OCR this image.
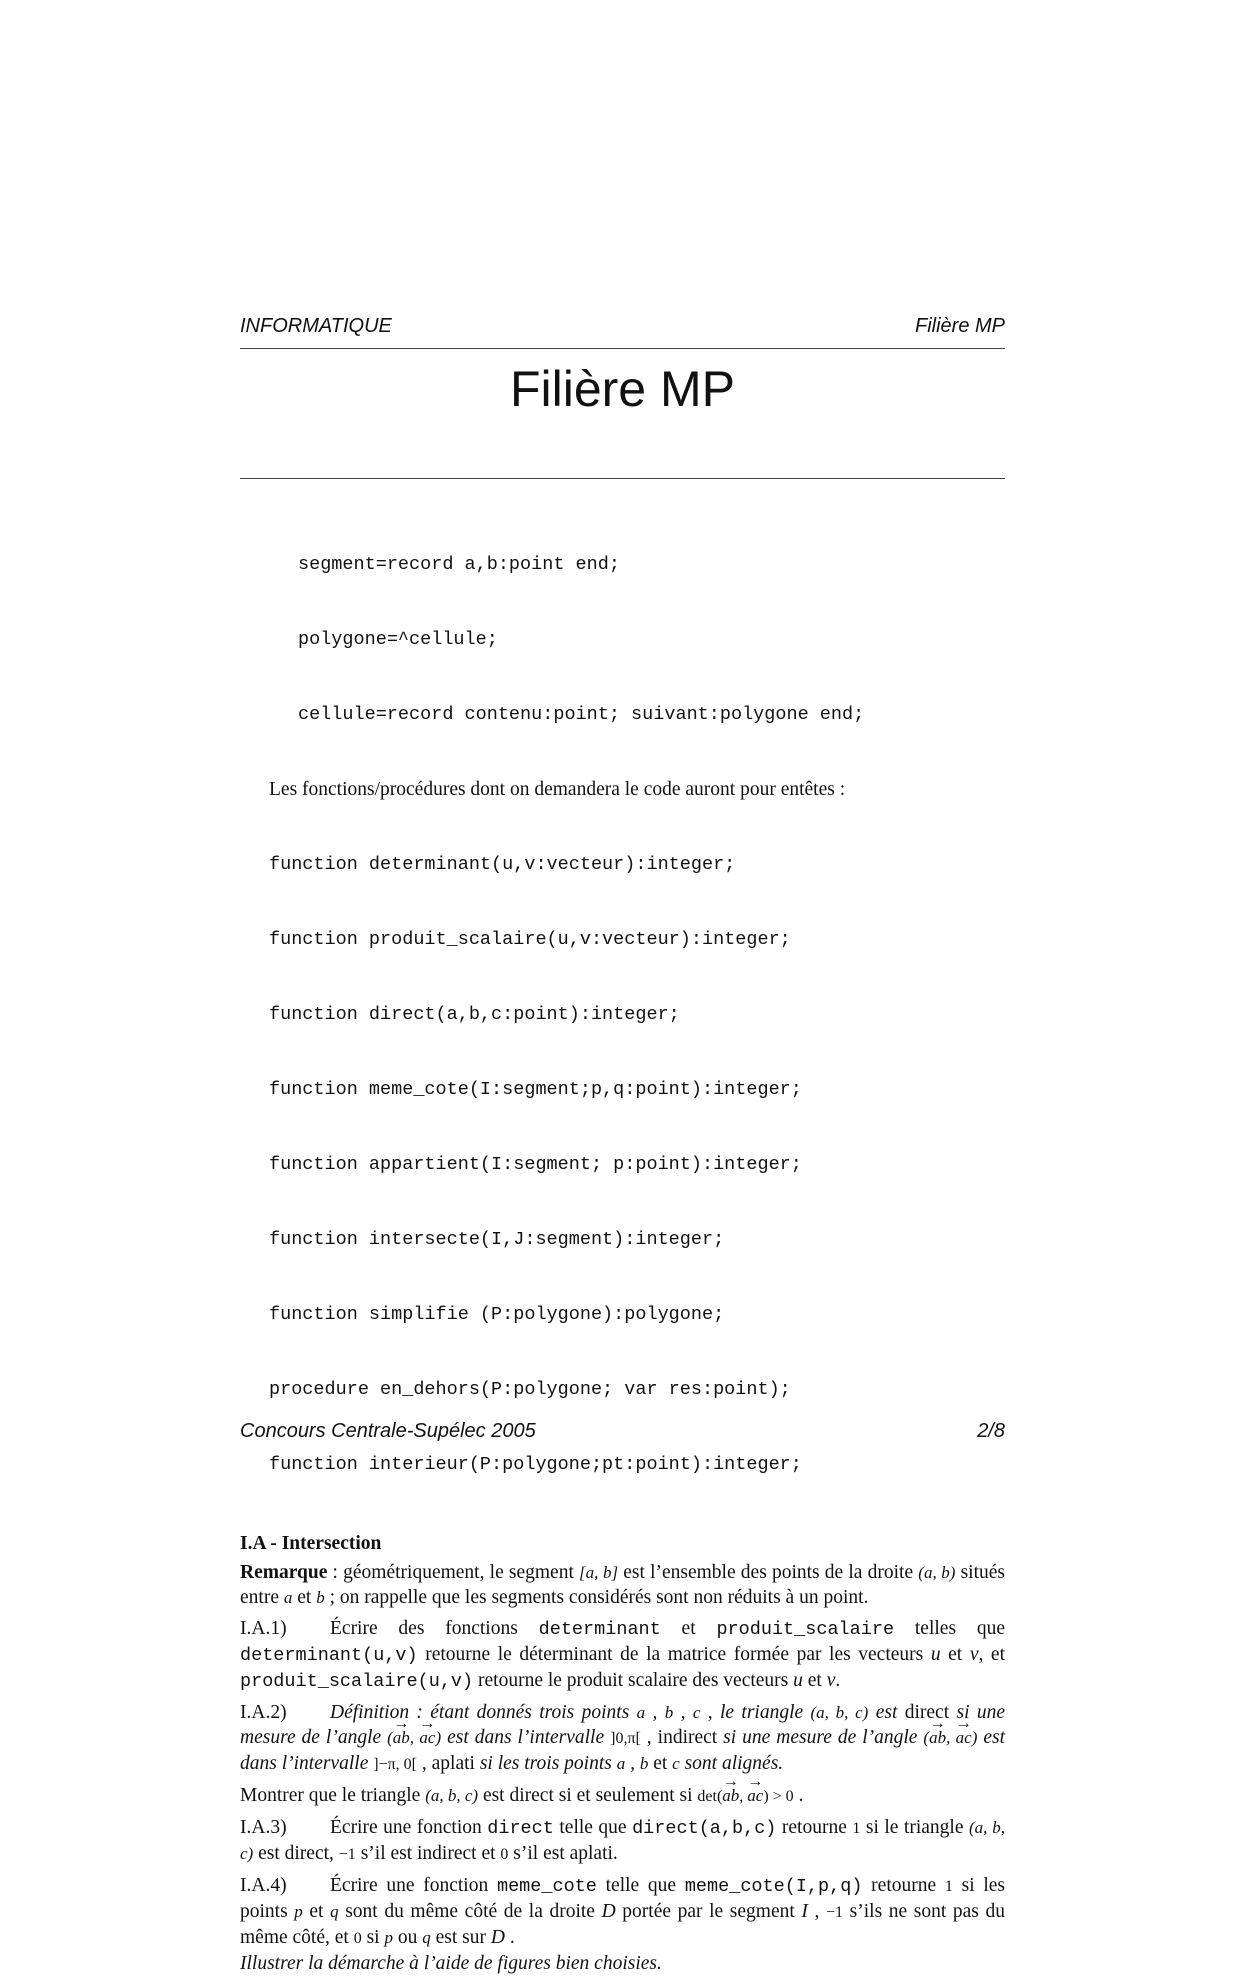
INFORMATIQUE	Filière MP
Filière MP

segment=record a,b:point end;

polygone=^cellule;

cellule=record contenu:point; suivant:polygone end;

Les fonctions/procédures dont on demandera le code auront pour entêtes :

function determinant(u,v:vecteur):integer;

function produit_scalaire(u,v:vecteur):integer;

function direct(a,b,c:point):integer;

function meme_cote(I:segment;p,q:point):integer;

function appartient(I:segment; p:point):integer;

function intersecte(I,J:segment):integer;

function simplifie (P:polygone):polygone;

procedure en_dehors(P:polygone; var res:point);

function interieur(P:polygone;pt:point):integer;

I.A - Intersection

Remarque : géométriquement, le segment [a, b] est l’ensemble des points de la droite (a, b) situés entre a et b ; on rappelle que les segments considérés sont non réduits à un point.

I.A.1) Écrire des fonctions determinant et produit_scalaire telles que determinant(u,v) retourne le déterminant de la matrice formée par les vecteurs u et v, et produit_scalaire(u,v) retourne le produit scalaire des vecteurs u et v.

I.A.2) Définition : étant donnés trois points a , b , c , le triangle (a, b, c) est direct si une mesure de l’angle (→ ab, → ac) est dans l’intervalle ]0,π[ , indirect si une mesure de l’angle (→ ab, → ac) est dans l’intervalle ]−π, 0[ , aplati si les trois points a , b et c sont alignés.

Montrer que le triangle (a, b, c) est direct si et seulement si det(→ ab, → ac) > 0 .

I.A.3) Écrire une fonction direct telle que direct(a,b,c) retourne 1 si le triangle (a, b, c) est direct, −1 s’il est indirect et 0 s’il est aplati.

I.A.4) Écrire une fonction meme_cote telle que meme_cote(I,p,q) retourne 1 si les points p et q sont du même côté de la droite D portée par le segment I , −1 s’ils ne sont pas du même côté, et 0 si p ou q est sur D .

Illustrer la démarche à l’aide de figures bien choisies.

Concours Centrale-Supélec 2005	2/8
